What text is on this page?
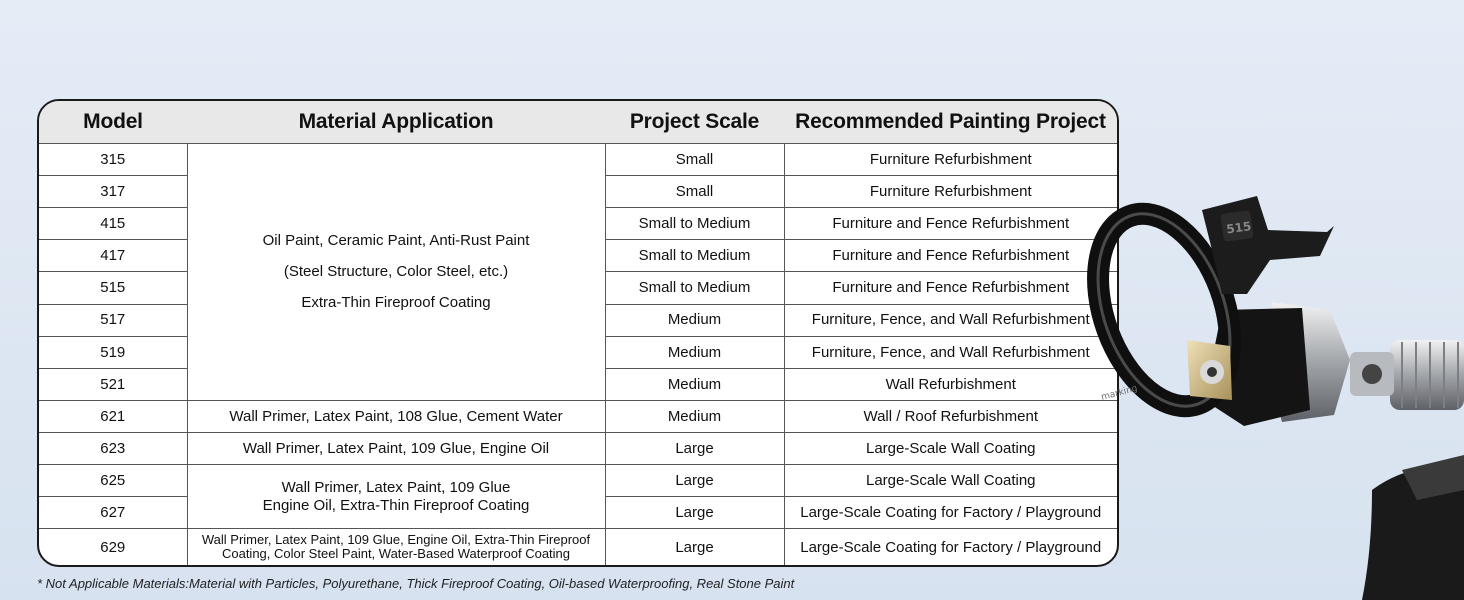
Model	Material Application	Project Scale	Recommended Painting Project
315	Oil Paint, Ceramic Paint, Anti-Rust Paint
(Steel Structure, Color Steel, etc.)
Extra-Thin Fireproof Coating	Small	Furniture Refurbishment
317		Small	Furniture Refurbishment
415		Small to Medium	Furniture and Fence Refurbishment
417		Small to Medium	Furniture and Fence Refurbishment
515		Small to Medium	Furniture and Fence Refurbishment
517		Medium	Furniture, Fence, and Wall Refurbishment
519		Medium	Furniture, Fence, and Wall Refurbishment
521		Medium	Wall Refurbishment
621	Wall Primer, Latex Paint, 108 Glue, Cement Water	Medium	Wall / Roof Refurbishment
623	Wall Primer, Latex Paint, 109 Glue, Engine Oil	Large	Large-Scale Wall Coating
625	Wall Primer, Latex Paint, 109 Glue
Engine Oil, Extra-Thin Fireproof Coating	Large	Large-Scale Wall Coating
627		Large	Large-Scale Coating for Factory / Playground
629	Wall Primer, Latex Paint, 109 Glue, Engine Oil, Extra-Thin Fireproof
Coating, Color Steel Paint, Water-Based Waterproof Coating	Large	Large-Scale Coating for Factory / Playground
* Not Applicable Materials:Material with Particles, Polyurethane, Thick Fireproof Coating, Oil-based Waterproofing, Real Stone Paint
515
marking
